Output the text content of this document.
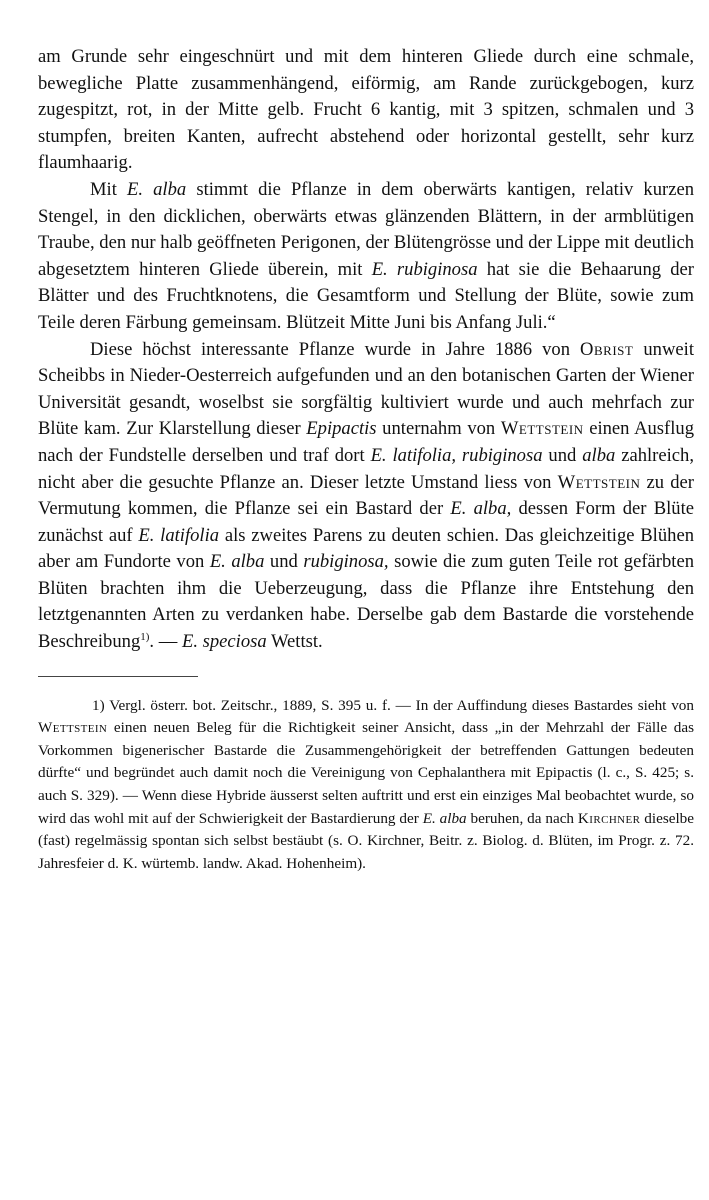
am Grunde sehr eingeschnürt und mit dem hinteren Gliede durch eine schmale, bewegliche Platte zusammenhängend, eiförmig, am Rande zurückgebogen, kurz zugespitzt, rot, in der Mitte gelb. Frucht 6 kantig, mit 3 spitzen, schmalen und 3 stumpfen, breiten Kanten, aufrecht abstehend oder horizontal gestellt, sehr kurz flaumhaarig.

Mit E. alba stimmt die Pflanze in dem oberwärts kantigen, relativ kurzen Stengel, in den dicklichen, oberwärts etwas glänzenden Blättern, in der armblütigen Traube, den nur halb geöffneten Perigonen, der Blütengrösse und der Lippe mit deutlich abgesetztem hinteren Gliede überein, mit E. rubiginosa hat sie die Behaarung der Blätter und des Fruchtknotens, die Gesamtform und Stellung der Blüte, sowie zum Teile deren Färbung gemeinsam. Blützeit Mitte Juni bis Anfang Juli.“

Diese höchst interessante Pflanze wurde in Jahre 1886 von Obrist unweit Scheibbs in Nieder-Oesterreich aufgefunden und an den botanischen Garten der Wiener Universität gesandt, woselbst sie sorgfältig kultiviert wurde und auch mehrfach zur Blüte kam. Zur Klarstellung dieser Epipactis unternahm von Wettstein einen Ausflug nach der Fundstelle derselben und traf dort E. latifolia, rubiginosa und alba zahlreich, nicht aber die gesuchte Pflanze an. Dieser letzte Umstand liess von Wettstein zu der Vermutung kommen, die Pflanze sei ein Bastard der E. alba, dessen Form der Blüte zunächst auf E. latifolia als zweites Parens zu deuten schien. Das gleichzeitige Blühen aber am Fundorte von E. alba und rubiginosa, sowie die zum guten Teile rot gefärbten Blüten brachten ihm die Ueberzeugung, dass die Pflanze ihre Entstehung den letztgenannten Arten zu verdanken habe. Derselbe gab dem Bastarde die vorstehende Beschreibung$^{1)}$. — E. speciosa Wettst.

1) Vergl. österr. bot. Zeitschr., 1889, S. 395 u. f. — In der Auffindung dieses Bastardes sieht von Wettstein einen neuen Beleg für die Richtigkeit seiner Ansicht, dass „in der Mehrzahl der Fälle das Vorkommen bigenerischer Bastarde die Zusammengehörigkeit der betreffenden Gattungen bedeuten dürfte“ und begründet auch damit noch die Vereinigung von Cephalanthera mit Epipactis (l. c., S. 425; s. auch S. 329). — Wenn diese Hybride äusserst selten auftritt und erst ein einziges Mal beobachtet wurde, so wird das wohl mit auf der Schwierigkeit der Bastardierung der E. alba beruhen, da nach Kirchner dieselbe (fast) regelmässig spontan sich selbst bestäubt (s. O. Kirchner, Beitr. z. Biolog. d. Blüten, im Progr. z. 72. Jahresfeier d. K. würtemb. landw. Akad. Hohenheim).
